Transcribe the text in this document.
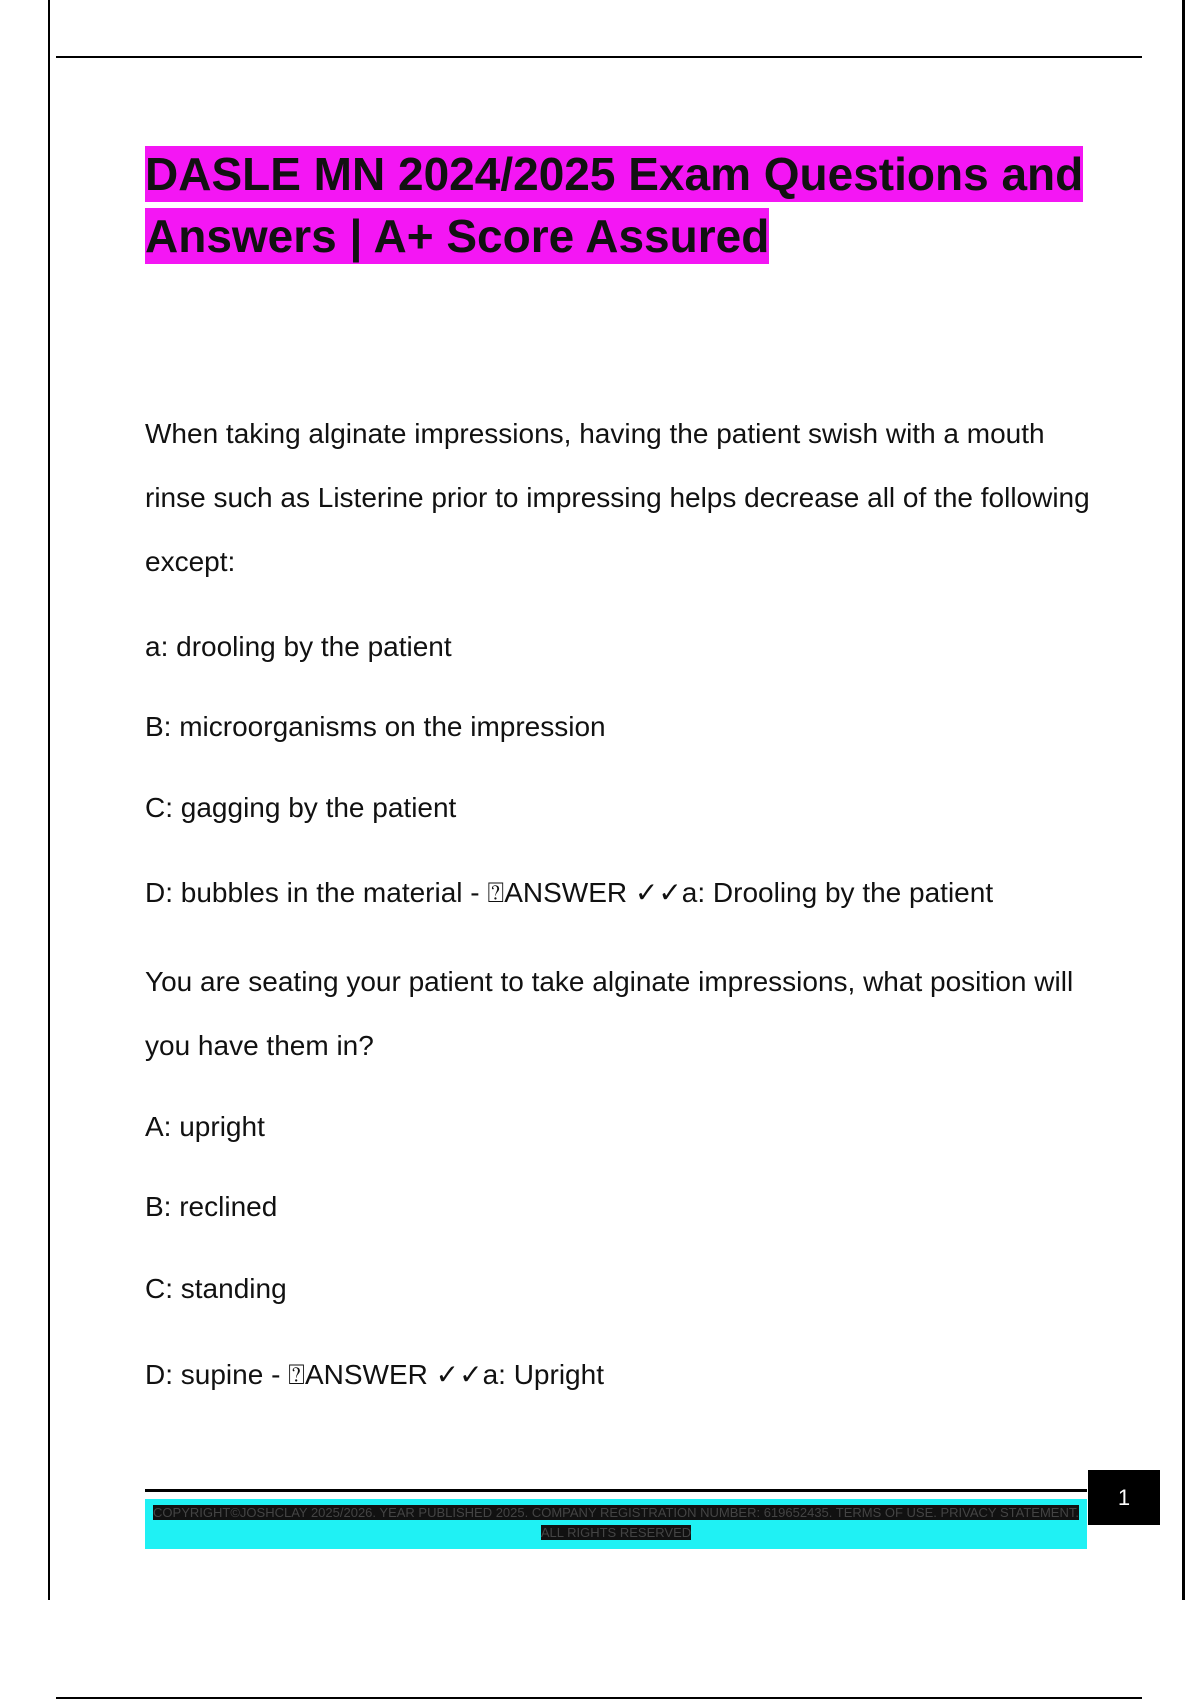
DASLE MN 2024/2025 Exam Questions and Answers | A+ Score Assured

When taking alginate impressions, having the patient swish with a mouth rinse such as Listerine prior to impressing helps decrease all of the following except:

a: drooling by the patient

B: microorganisms on the impression

C: gagging by the patient

D: bubbles in the material - ⍰ANSWER ✓✓a: Drooling by the patient

You are seating your patient to take alginate impressions, what position will you have them in?

A: upright

B: reclined

C: standing

D: supine - ⍰ANSWER ✓✓a: Upright

COPYRIGHT©JOSHCLAY 2025/2026. YEAR PUBLISHED 2025. COMPANY REGISTRATION NUMBER: 619652435. TERMS OF USE. PRIVACY STATEMENT. ALL RIGHTS RESERVED
1
